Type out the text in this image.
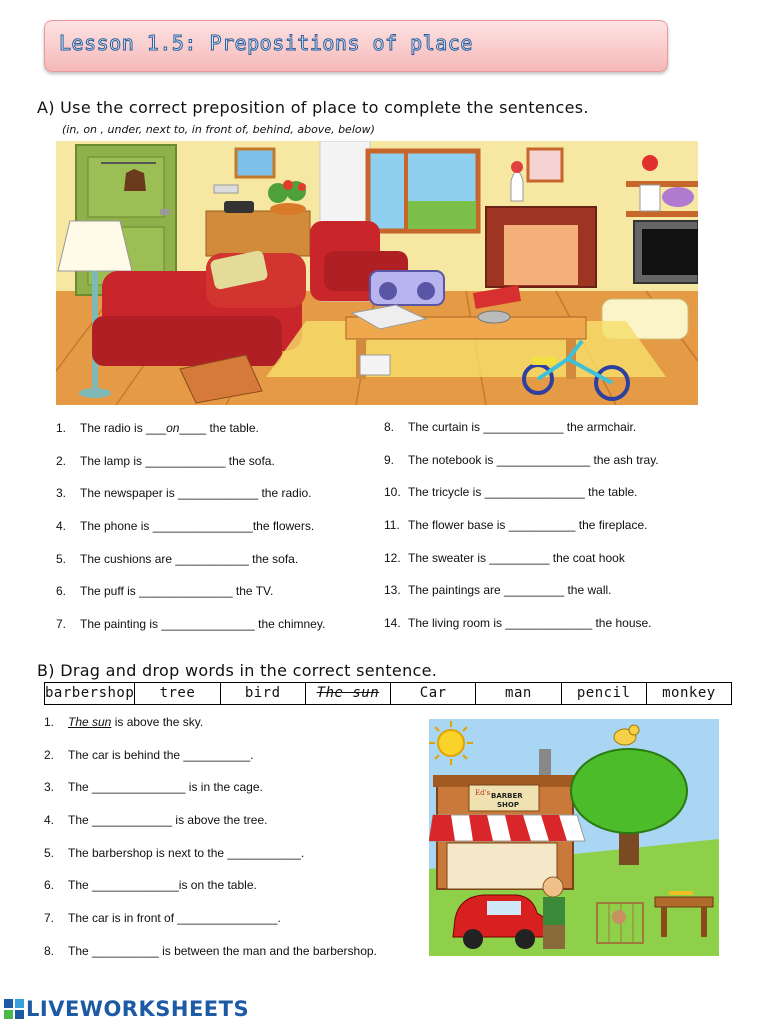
Lesson 1.5: Prepositions of place
A) Use the correct preposition of place to complete the sentences.
(in, on , under, next to, in front of, behind, above, below)
1. The radio is ___on____ the table.
2. The lamp is ____________ the sofa.
3. The newspaper is ____________ the radio.
4. The phone is _______________the flowers.
5. The cushions are ___________ the sofa.
6. The puff is ______________ the TV.
7. The painting is ______________ the chimney.
8. The curtain is ____________ the armchair.
9. The notebook is ______________ the ash tray.
10. The tricycle is _______________ the table.
11. The flower base is __________ the fireplace.
12. The sweater is _________ the coat hook
13. The paintings are _________ the wall.
14. The living room is _____________ the house.
B) Drag and drop words in the correct sentence.
barbershop	tree	bird	The sun	Car	man	pencil	monkey
1. The sun is above the sky.
2. The car is behind the __________.
3. The ______________ is in the cage.
4. The ____________ is above the tree.
5. The barbershop is next to the ___________.
6. The _____________is on the table.
7. The car is in front of _______________.
8. The __________ is between the man and the barbershop.
Ed's BARBER
SHOP
LIVEWORKSHEETS
